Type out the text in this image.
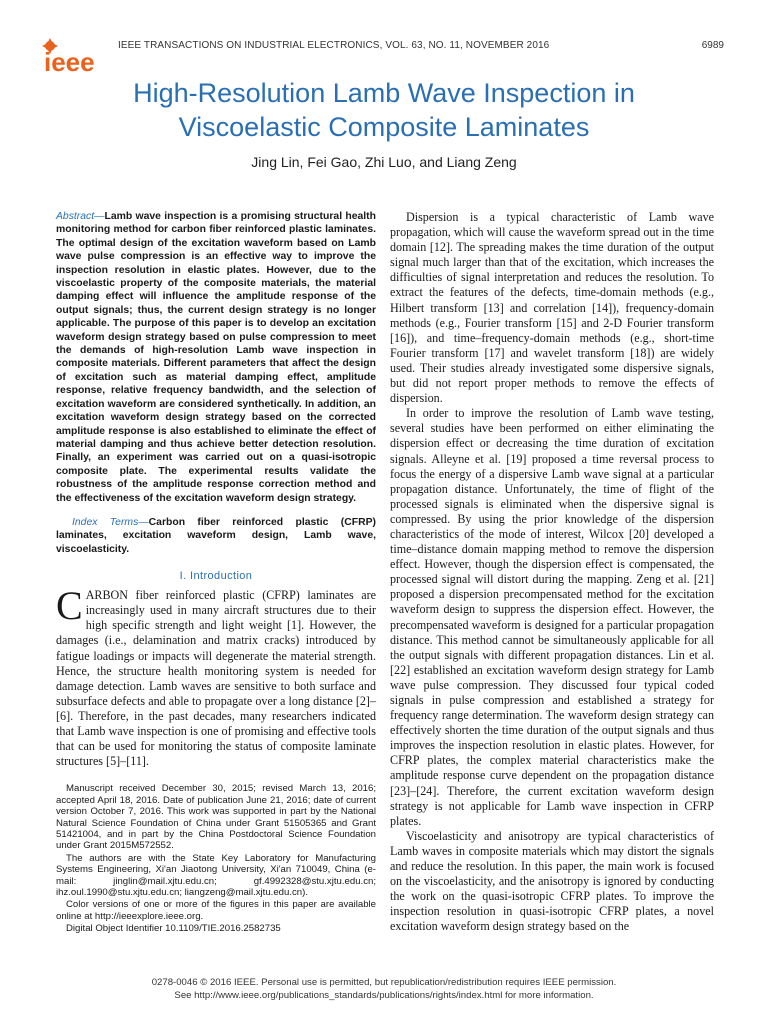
ieee
IEEE TRANSACTIONS ON INDUSTRIAL ELECTRONICS, VOL. 63, NO. 11, NOVEMBER 2016	6989
High-Resolution Lamb Wave Inspection in
Viscoelastic Composite Laminates
Jing Lin, Fei Gao, Zhi Luo, and Liang Zeng

Abstract—Lamb wave inspection is a promising structural health monitoring method for carbon fiber reinforced plastic laminates. The optimal design of the excitation waveform based on Lamb wave pulse compression is an effective way to improve the inspection resolution in elastic plates. However, due to the viscoelastic property of the composite materials, the material damping effect will influence the amplitude response of the output signals; thus, the current design strategy is no longer applicable. The purpose of this paper is to develop an excitation waveform design strategy based on pulse compression to meet the demands of high-resolution Lamb wave inspection in composite materials. Different parameters that affect the design of excitation such as material damping effect, amplitude response, relative frequency bandwidth, and the selection of excitation waveform are considered synthetically. In addition, an excitation waveform design strategy based on the corrected amplitude response is also established to eliminate the effect of material damping and thus achieve better detection resolution. Finally, an experiment was carried out on a quasi-isotropic composite plate. The experimental results validate the robustness of the amplitude response correction method and the effectiveness of the excitation waveform design strategy.

Index Terms—Carbon fiber reinforced plastic (CFRP) laminates, excitation waveform design, Lamb wave, viscoelasticity.

I. Introduction

CARBON fiber reinforced plastic (CFRP) laminates are increasingly used in many aircraft structures due to their high specific strength and light weight [1]. However, the damages (i.e., delamination and matrix cracks) introduced by fatigue loadings or impacts will degenerate the material strength. Hence, the structure health monitoring system is needed for damage detection. Lamb waves are sensitive to both surface and subsurface defects and able to propagate over a long distance [2]–[6]. Therefore, in the past decades, many researchers indicated that Lamb wave inspection is one of promising and effective tools that can be used for monitoring the status of composite laminate structures [5]–[11].

Manuscript received December 30, 2015; revised March 13, 2016; accepted April 18, 2016. Date of publication June 21, 2016; date of current version October 7, 2016. This work was supported in part by the National Natural Science Foundation of China under Grant 51505365 and Grant 51421004, and in part by the China Postdoctoral Science Foundation under Grant 2015M572552.

The authors are with the State Key Laboratory for Manufacturing Systems Engineering, Xi'an Jiaotong University, Xi'an 710049, China (e-mail: jinglin@mail.xjtu.edu.cn; gf.4992328@stu.xjtu.edu.cn; ihz.oul.1990@stu.xjtu.edu.cn; liangzeng@mail.xjtu.edu.cn).

Color versions of one or more of the figures in this paper are available online at http://ieeexplore.ieee.org.

Digital Object Identifier 10.1109/TIE.2016.2582735

Dispersion is a typical characteristic of Lamb wave propagation, which will cause the waveform spread out in the time domain [12]. The spreading makes the time duration of the output signal much larger than that of the excitation, which increases the difficulties of signal interpretation and reduces the resolution. To extract the features of the defects, time-domain methods (e.g., Hilbert transform [13] and correlation [14]), frequency-domain methods (e.g., Fourier transform [15] and 2-D Fourier transform [16]), and time–frequency-domain methods (e.g., short-time Fourier transform [17] and wavelet transform [18]) are widely used. Their studies already investigated some dispersive signals, but did not report proper methods to remove the effects of dispersion.

In order to improve the resolution of Lamb wave testing, several studies have been performed on either eliminating the dispersion effect or decreasing the time duration of excitation signals. Alleyne et al. [19] proposed a time reversal process to focus the energy of a dispersive Lamb wave signal at a particular propagation distance. Unfortunately, the time of flight of the processed signals is eliminated when the dispersive signal is compressed. By using the prior knowledge of the dispersion characteristics of the mode of interest, Wilcox [20] developed a time–distance domain mapping method to remove the dispersion effect. However, though the dispersion effect is compensated, the processed signal will distort during the mapping. Zeng et al. [21] proposed a dispersion precompensated method for the excitation waveform design to suppress the dispersion effect. However, the precompensated waveform is designed for a particular propagation distance. This method cannot be simultaneously applicable for all the output signals with different propagation distances. Lin et al. [22] established an excitation waveform design strategy for Lamb wave pulse compression. They discussed four typical coded signals in pulse compression and established a strategy for frequency range determination. The waveform design strategy can effectively shorten the time duration of the output signals and thus improves the inspection resolution in elastic plates. However, for CFRP plates, the complex material characteristics make the amplitude response curve dependent on the propagation distance [23]–[24]. Therefore, the current excitation waveform design strategy is not applicable for Lamb wave inspection in CFRP plates.

Viscoelasticity and anisotropy are typical characteristics of Lamb waves in composite materials which may distort the signals and reduce the resolution. In this paper, the main work is focused on the viscoelasticity, and the anisotropy is ignored by conducting the work on the quasi-isotropic CFRP plates. To improve the inspection resolution in quasi-isotropic CFRP plates, a novel excitation waveform design strategy based on the

0278-0046 © 2016 IEEE. Personal use is permitted, but republication/redistribution requires IEEE permission.
See http://www.ieee.org/publications_standards/publications/rights/index.html for more information.
